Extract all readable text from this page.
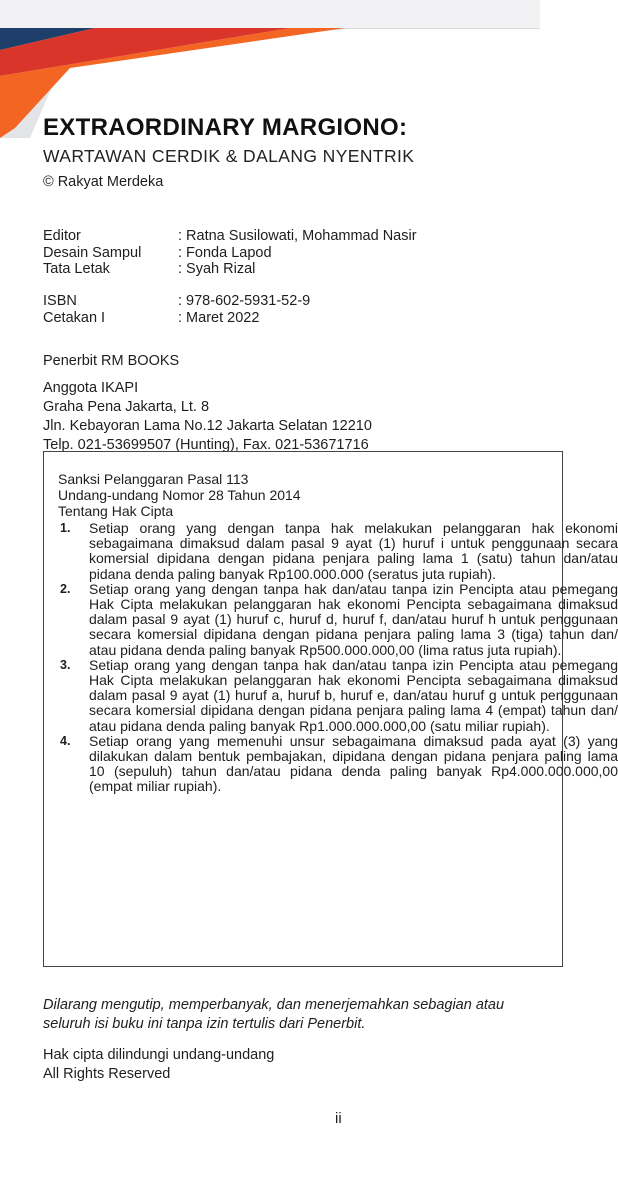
EXTRAORDINARY MARGIONO:
WARTAWAN CERDIK & DALANG NYENTRIK
© Rakyat Merdeka
Editor	: Ratna Susilowati, Mohammad Nasir
Desain Sampul	: Fonda Lapod
Tata Letak	: Syah Rizal
ISBN	: 978-602-5931-52-9
Cetakan I	: Maret 2022
Penerbit RM BOOKS
Anggota IKAPI
Graha Pena Jakarta, Lt. 8
Jln. Kebayoran Lama No.12 Jakarta Selatan 12210
Telp. 021-53699507 (Hunting), Fax. 021-53671716
Sanksi Pelanggaran Pasal 113
Undang-undang Nomor 28 Tahun 2014
Tentang Hak Cipta
1. Setiap orang yang dengan tanpa hak melakukan pelanggaran hak ekonomi sebagaimana dimaksud dalam pasal 9 ayat (1) huruf i untuk penggunaan secara komersial dipidana dengan pidana penjara paling lama 1 (satu) tahun dan/atau pidana denda paling banyak Rp100.000.000 (seratus juta rupiah).
2. Setiap orang yang dengan tanpa hak dan/atau tanpa izin Pencipta atau pemegang Hak Cipta melakukan pelanggaran hak ekonomi Pencipta sebagaimana dimaksud dalam pasal 9 ayat (1) huruf c, huruf d, huruf f, dan/atau huruf h untuk penggunaan secara komersial dipidana dengan pidana penjara paling lama 3 (tiga) tahun dan/ atau pidana denda paling banyak Rp500.000.000,00 (lima ratus juta rupiah).
3. Setiap orang yang dengan tanpa hak dan/atau tanpa izin Pencipta atau pemegang Hak Cipta melakukan pelanggaran hak ekonomi Pencipta sebagaimana dimaksud dalam pasal 9 ayat (1) huruf a, huruf b, huruf e, dan/atau huruf g untuk penggunaan secara komersial dipidana dengan pidana penjara paling lama 4 (empat) tahun dan/ atau pidana denda paling banyak Rp1.000.000.000,00 (satu miliar rupiah).
4. Setiap orang yang memenuhi unsur sebagaimana dimaksud pada ayat (3) yang dilakukan dalam bentuk pembajakan, dipidana dengan pidana penjara paling lama 10 (sepuluh) tahun dan/atau pidana denda paling banyak Rp4.000.000.000,00 (empat miliar rupiah).
Dilarang mengutip, memperbanyak, dan menerjemahkan sebagian atau
seluruh isi buku ini tanpa izin tertulis dari Penerbit.
Hak cipta dilindungi undang-undang
All Rights Reserved
ii
